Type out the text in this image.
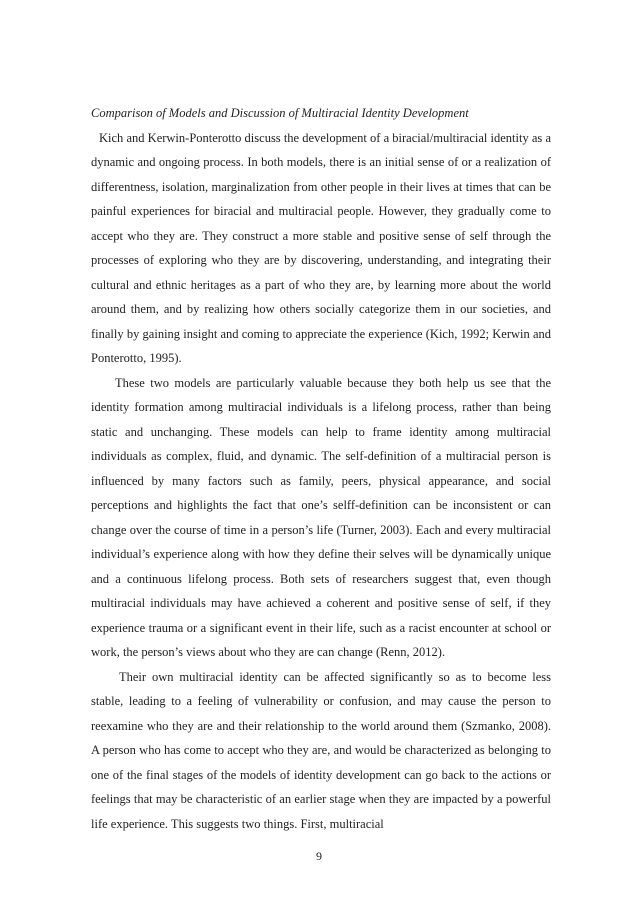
Comparison of Models and Discussion of Multiracial Identity Development

Kich and Kerwin-Ponterotto discuss the development of a biracial/multiracial identity as a dynamic and ongoing process. In both models, there is an initial sense of or a realization of differentness, isolation, marginalization from other people in their lives at times that can be painful experiences for biracial and multiracial people. However, they gradually come to accept who they are. They construct a more stable and positive sense of self through the processes of exploring who they are by discovering, understanding, and integrating their cultural and ethnic heritages as a part of who they are, by learning more about the world around them, and by realizing how others socially categorize them in our societies, and finally by gaining insight and coming to appreciate the experience (Kich, 1992; Kerwin and Ponterotto, 1995).

These two models are particularly valuable because they both help us see that the identity formation among multiracial individuals is a lifelong process, rather than being static and unchanging. These models can help to frame identity among multiracial individuals as complex, fluid, and dynamic. The self-definition of a multiracial person is influenced by many factors such as family, peers, physical appearance, and social perceptions and highlights the fact that one’s selff-definition can be inconsistent or can change over the course of time in a person’s life (Turner, 2003). Each and every multiracial individual’s experience along with how they define their selves will be dynamically unique and a continuous lifelong process. Both sets of researchers suggest that, even though multiracial individuals may have achieved a coherent and positive sense of self, if they experience trauma or a significant event in their life, such as a racist encounter at school or work, the person’s views about who they are can change (Renn, 2012).

Their own multiracial identity can be affected significantly so as to become less stable, leading to a feeling of vulnerability or confusion, and may cause the person to reexamine who they are and their relationship to the world around them (Szmanko, 2008). A person who has come to accept who they are, and would be characterized as belonging to one of the final stages of the models of identity development can go back to the actions or feelings that may be characteristic of an earlier stage when they are impacted by a powerful life experience. This suggests two things. First, multiracial

9
